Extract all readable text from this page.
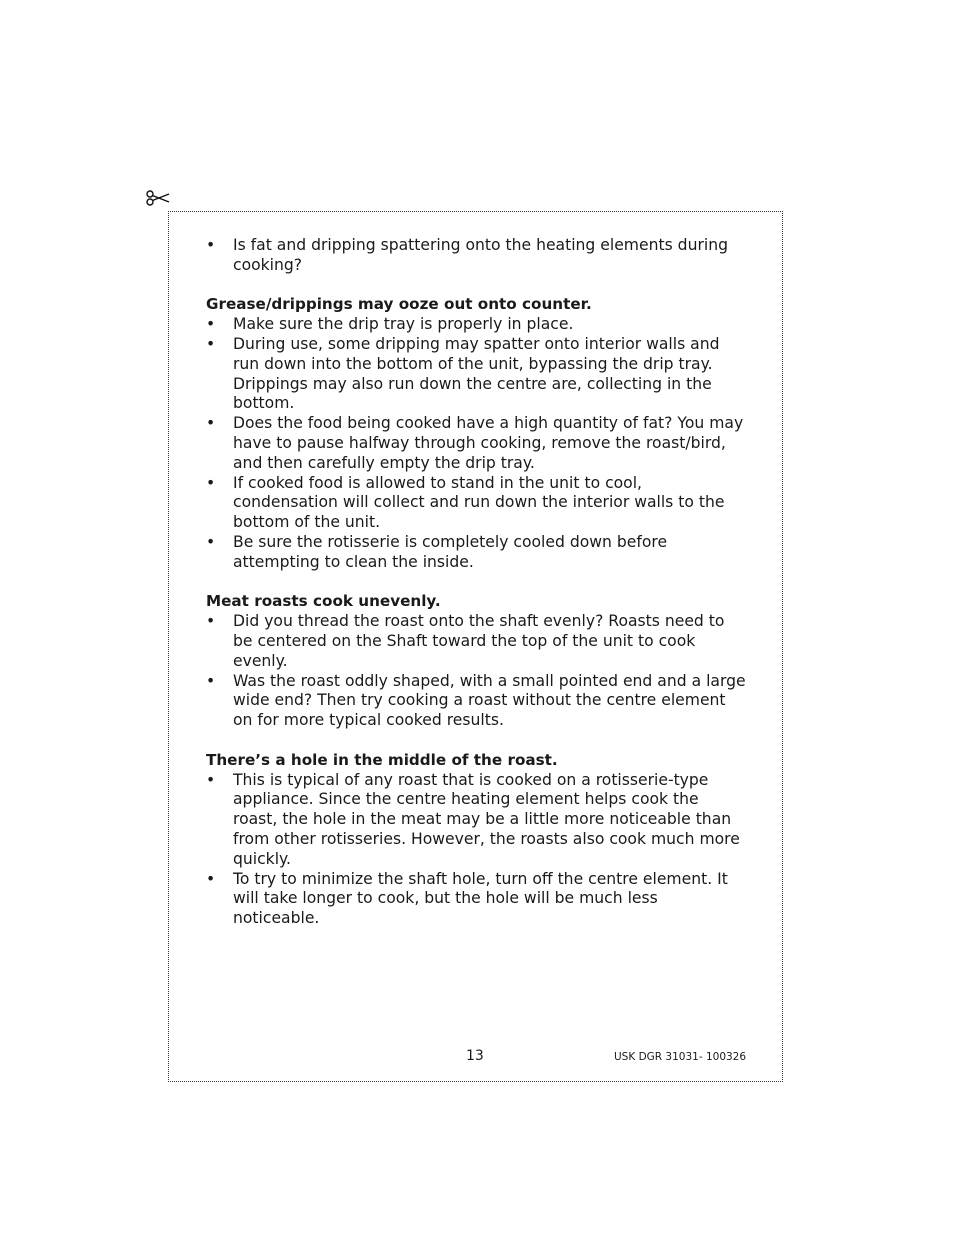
• Is fat and dripping spattering onto the heating elements during cooking?

Grease/drippings may ooze out onto counter.

• Make sure the drip tray is properly in place.
• During use, some dripping may spatter onto interior walls and run down into the bottom of the unit, bypassing the drip tray. Drippings may also run down the centre are, collecting in the bottom.
• Does the food being cooked have a high quantity of fat? You may have to pause halfway through cooking, remove the roast/bird, and then carefully empty the drip tray.
• If cooked food is allowed to stand in the unit to cool, condensation will collect and run down the interior walls to the bottom of the unit.
• Be sure the rotisserie is completely cooled down before attempting to clean the inside.

Meat roasts cook unevenly.

• Did you thread the roast onto the shaft evenly? Roasts need to be centered on the Shaft toward the top of the unit to cook evenly.
• Was the roast oddly shaped, with a small pointed end and a large wide end? Then try cooking a roast without the centre element on for more typical cooked results.

There’s a hole in the middle of the roast.

• This is typical of any roast that is cooked on a rotisserie-type appliance. Since the centre heating element helps cook the roast, the hole in the meat may be a little more noticeable than from other rotisseries. However, the roasts also cook much more quickly.
• To try to minimize the shaft hole, turn off the centre element. It will take longer to cook, but the hole will be much less noticeable.
13	USK DGR 31031- 100326
